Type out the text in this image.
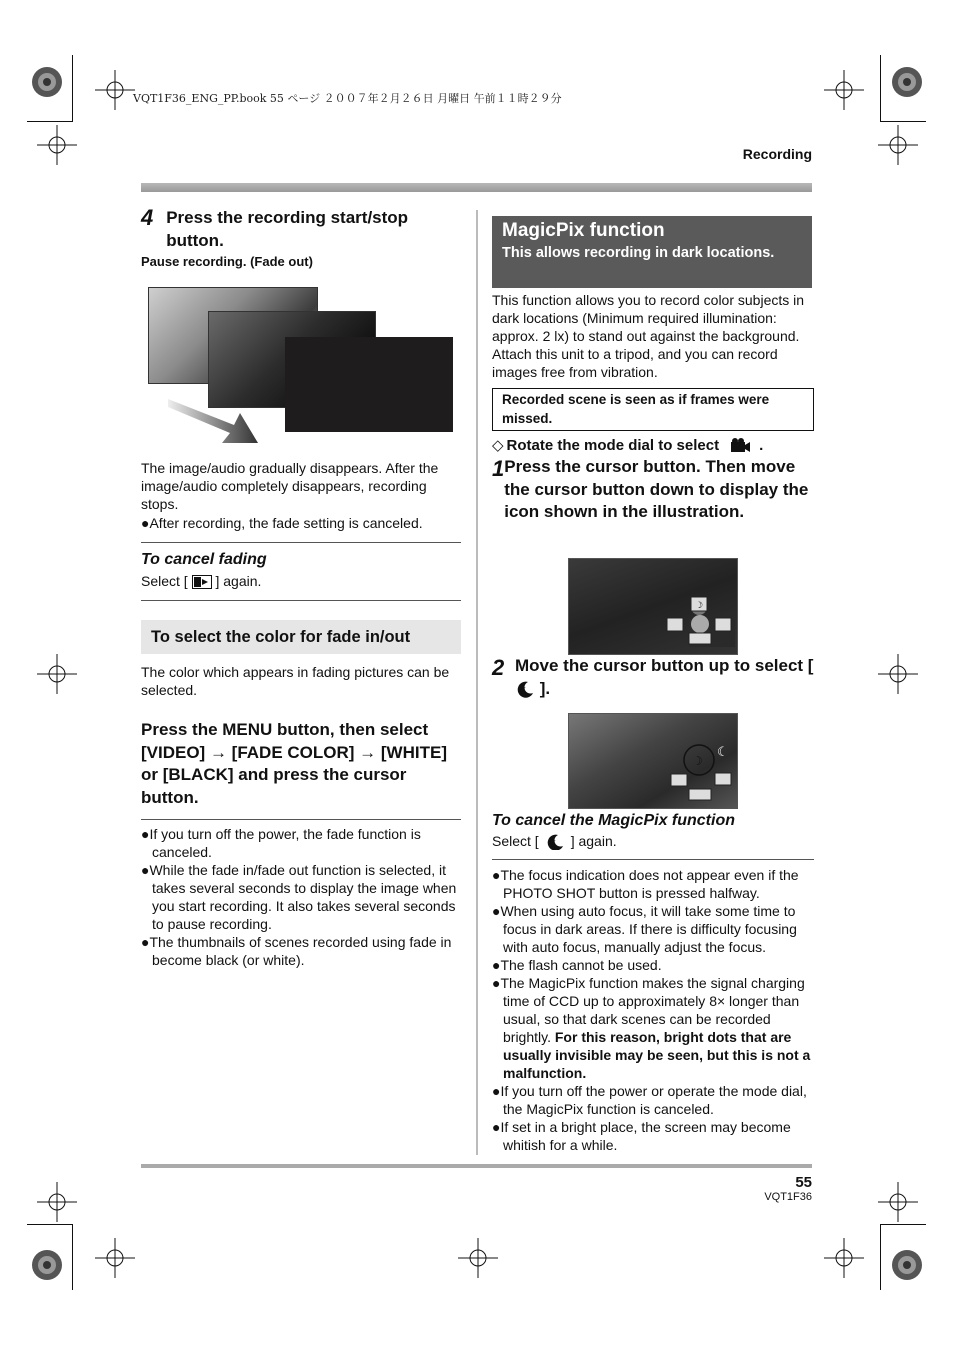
VQT1F36_ENG_PP.book 55 ページ ２００７年２月２６日 月曜日 午前１１時２９分
Recording
4 Press the recording start/stop button.
Pause recording. (Fade out)
The image/audio gradually disappears. After the image/audio completely disappears, recording stops.
●After recording, the fade setting is canceled.
To cancel fading
Select [ ] again.
To select the color for fade in/out
The color which appears in fading pictures can be selected.
Press the MENU button, then select [VIDEO] → [FADE COLOR] → [WHITE] or [BLACK] and press the cursor button.
●If you turn off the power, the fade function is canceled.
●While the fade in/fade out function is selected, it takes several seconds to display the image when you start recording. It also takes several seconds to pause recording.
●The thumbnails of scenes recorded using fade in become black (or white).
MagicPix function
This allows recording in dark locations.
This function allows you to record color subjects in dark locations (Minimum required illumination: approx. 2 lx) to stand out against the background. Attach this unit to a tripod, and you can record images free from vibration.
Recorded scene is seen as if frames were missed.
◇ Rotate the mode dial to select	.
1 Press the cursor button. Then move the cursor button down to display the icon shown in the illustration.
☽
2 Move the cursor button up to select [
★ ].
☽
☾
To cancel the MagicPix function
Select [ ★ ] again.
●The focus indication does not appear even if the PHOTO SHOT button is pressed halfway.
●When using auto focus, it will take some time to focus in dark areas. If there is difficulty focusing with auto focus, manually adjust the focus.
●The flash cannot be used.
●The MagicPix function makes the signal charging time of CCD up to approximately 8× longer than usual, so that dark scenes can be recorded brightly. For this reason, bright dots that are usually invisible may be seen, but this is not a malfunction.
●If you turn off the power or operate the mode dial, the MagicPix function is canceled.
●If set in a bright place, the screen may become whitish for a while.
55
VQT1F36
